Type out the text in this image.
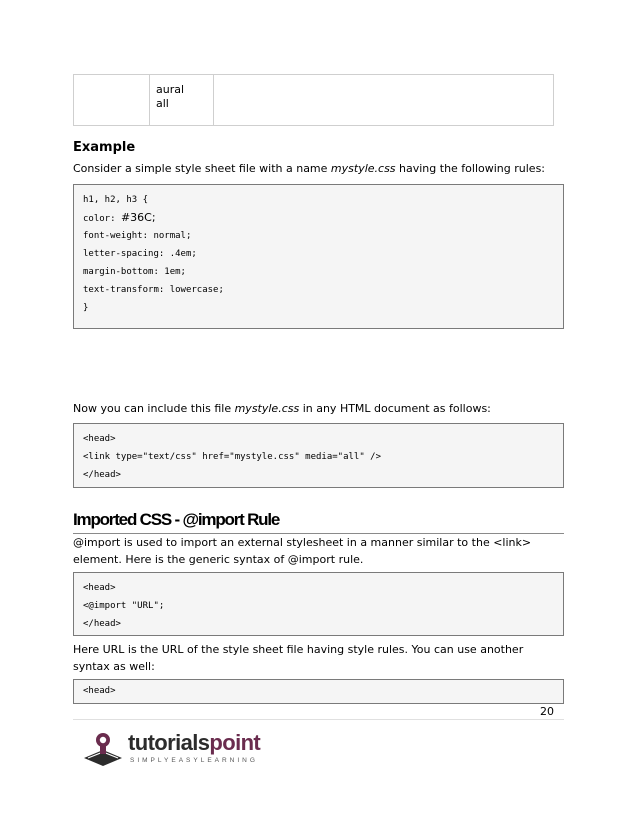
aural
all
Example
Consider a simple style sheet file with a name mystyle.css having the following rules:
h1, h2, h3 {
color: #36C;
font-weight: normal;
letter-spacing: .4em;
margin-bottom: 1em;
text-transform: lowercase;
}
Now you can include this file mystyle.css in any HTML document as follows:
<head>
<link type="text/css" href="mystyle.css" media="all" />
</head>
Imported CSS - @import Rule
@import is used to import an external stylesheet in a manner similar to the <link> element. Here is the generic syntax of @import rule.
<head>
<@import "URL";
</head>
Here URL is the URL of the style sheet file having style rules. You can use another syntax as well:
<head>
20
tutorialspoint
SIMPLYEASYLEARNING
